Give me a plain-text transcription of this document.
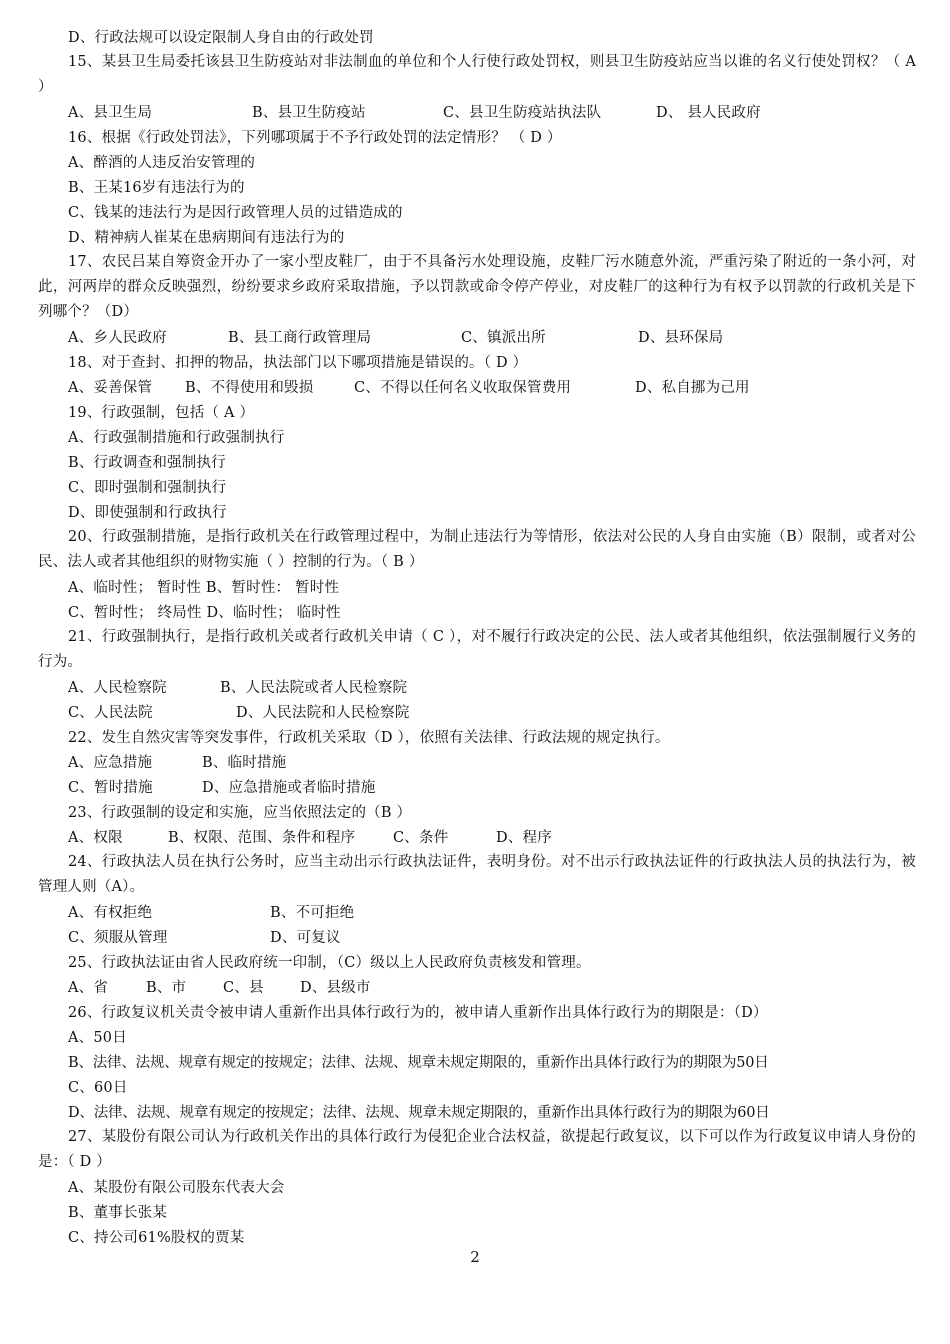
D、行政法规可以设定限制人身自由的行政处罚
15、某县卫生局委托该县卫生防疫站对非法制血的单位和个人行使行政处罚权，则县卫生防疫站应当以谁的名义行使处罚权？（ A ）
A、县卫生局	B、县卫生防疫站	C、县卫生防疫站执法队	D、 县人民政府
16、根据《行政处罚法》，下列哪项属于不予行政处罚的法定情形？ （ D ）
A、醉酒的人违反治安管理的
B、王某16岁有违法行为的
C、钱某的违法行为是因行政管理人员的过错造成的
D、精神病人崔某在患病期间有违法行为的
17、农民吕某自筹资金开办了一家小型皮鞋厂，由于不具备污水处理设施，皮鞋厂污水随意外流，严重污染了附近的一条小河，对此，河两岸的群众反映强烈，纷纷要求乡政府采取措施，予以罚款或命令停产停业，对皮鞋厂的这种行为有权予以罚款的行政机关是下列哪个？（D）
A、乡人民政府	B、县工商行政管理局	C、镇派出所	D、县环保局
18、对于查封、扣押的物品，执法部门以下哪项措施是错误的。（ D ）
A、妥善保管 B、不得使用和毁损	C、不得以任何名义收取保管费用	D、私自挪为己用
19、行政强制，包括（ A ）
A、行政强制措施和行政强制执行
B、行政调查和强制执行
C、即时强制和强制执行
D、即使强制和行政执行
20、行政强制措施，是指行政机关在行政管理过程中，为制止违法行为等情形，依法对公民的人身自由实施（B）限制，或者对公民、法人或者其他组织的财物实施（ ）控制的行为。（ B ）
A、临时性； 暂时性 B、暂时性： 暂时性
C、暂时性； 终局性 D、临时性； 临时性
21、行政强制执行，是指行政机关或者行政机关申请（ C ），对不履行行政决定的公民、法人或者其他组织，依法强制履行义务的行为。
A、人民检察院	B、人民法院或者人民检察院
C、人民法院	D、人民法院和人民检察院
22、发生自然灾害等突发事件，行政机关采取（D ），依照有关法律、行政法规的规定执行。
A、应急措施	B、临时措施
C、暂时措施	D、应急措施或者临时措施
23、行政强制的设定和实施，应当依照法定的（B ）
A、权限	B、权限、范围、条件和程序	C、条件	D、程序
24、行政执法人员在执行公务时，应当主动出示行政执法证件，表明身份。对不出示行政执法证件的行政执法人员的执法行为，被管理人则（A）。
A、有权拒绝	B、不可拒绝
C、须服从管理	D、可复议
25、行政执法证由省人民政府统一印制，（C）级以上人民政府负责核发和管理。
A、省	B、市	C、县	D、县级市
26、行政复议机关责令被申请人重新作出具体行政行为的，被申请人重新作出具体行政行为的期限是：（D）
A、50日
B、法律、法规、规章有规定的按规定；法律、法规、规章未规定期限的，重新作出具体行政行为的期限为50日
C、60日
D、法律、法规、规章有规定的按规定；法律、法规、规章未规定期限的，重新作出具体行政行为的期限为60日
27、某股份有限公司认为行政机关作出的具体行政行为侵犯企业合法权益，欲提起行政复议，以下可以作为行政复议申请人身份的是：（ D ）
A、某股份有限公司股东代表大会
B、董事长张某
C、持公司61%股权的贾某
2
